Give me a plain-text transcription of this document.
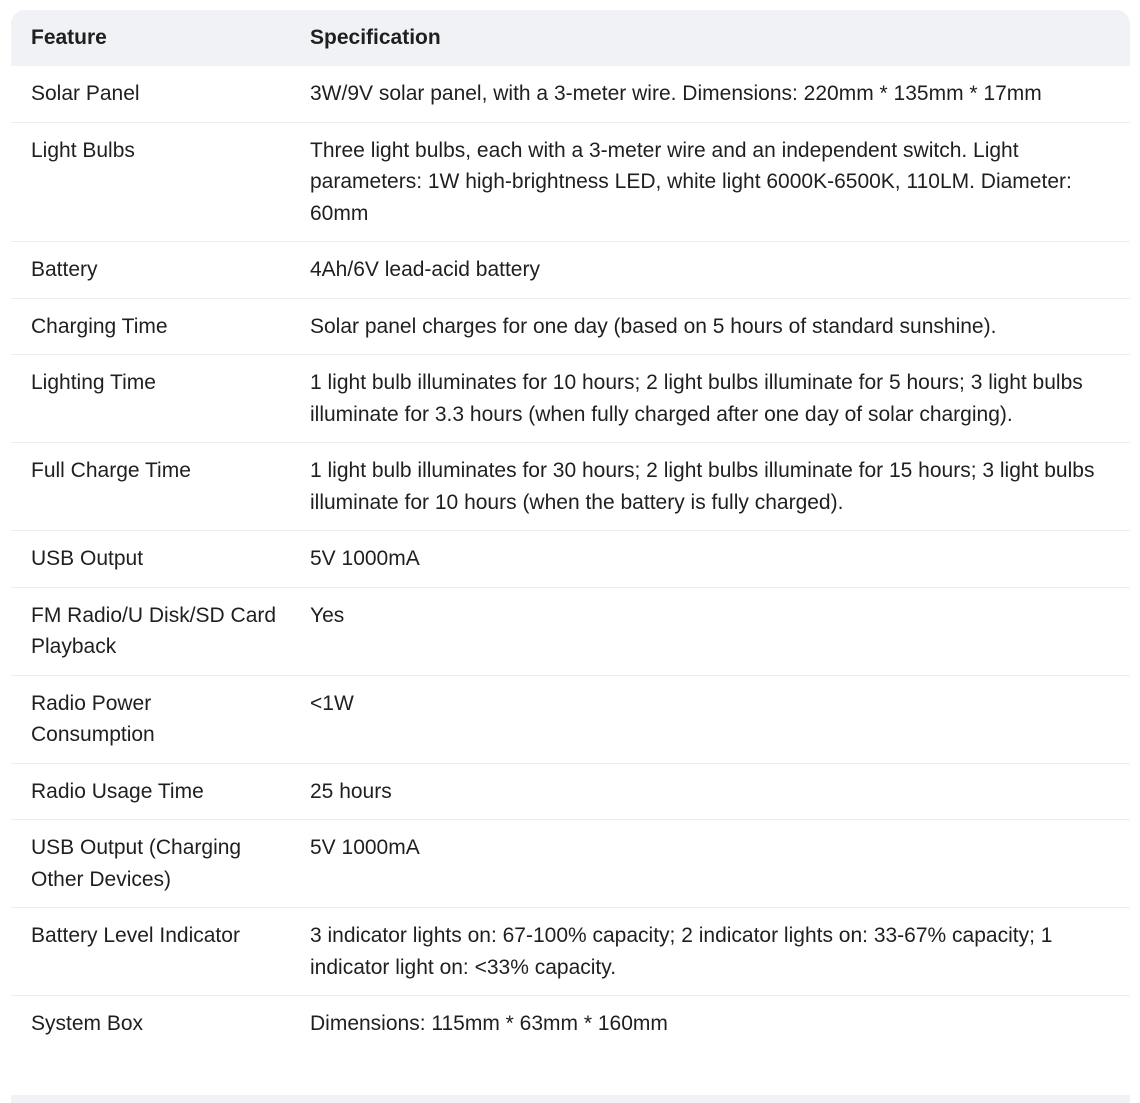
Feature	Specification
Solar Panel	3W/9V solar panel, with a 3-meter wire. Dimensions: 220mm * 135mm * 17mm
Light Bulbs	Three light bulbs, each with a 3-meter wire and an independent switch. Light parameters: 1W high-brightness LED, white light 6000K-6500K, 110LM. Diameter: 60mm
Battery	4Ah/6V lead-acid battery
Charging Time	Solar panel charges for one day (based on 5 hours of standard sunshine).
Lighting Time	1 light bulb illuminates for 10 hours; 2 light bulbs illuminate for 5 hours; 3 light bulbs illuminate for 3.3 hours (when fully charged after one day of solar charging).
Full Charge Time	1 light bulb illuminates for 30 hours; 2 light bulbs illuminate for 15 hours; 3 light bulbs illuminate for 10 hours (when the battery is fully charged).
USB Output	5V 1000mA
FM Radio/U Disk/SD Card Playback	Yes
Radio Power Consumption	<1W
Radio Usage Time	25 hours
USB Output (Charging Other Devices)	5V 1000mA
Battery Level Indicator	3 indicator lights on: 67-100% capacity; 2 indicator lights on: 33-67% capacity; 1 indicator light on: <33% capacity.
System Box	Dimensions: 115mm * 63mm * 160mm
